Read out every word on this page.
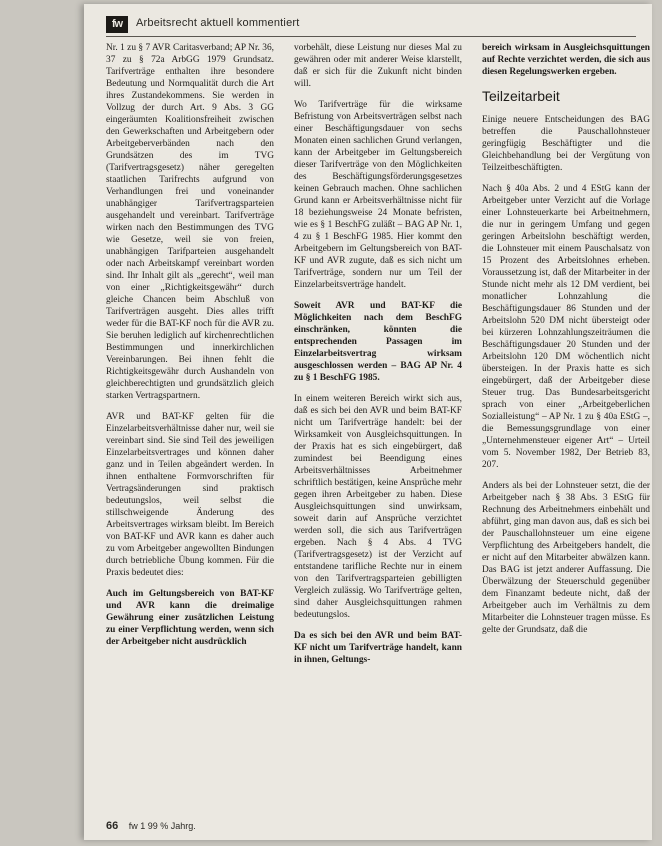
fw	Arbeitsrecht aktuell kommentiert

Nr. 1 zu § 7 AVR Caritasverband; AP Nr. 36, 37 zu § 72a ArbGG 1979 Grundsatz. Tarifverträge enthalten ihre besondere Bedeutung und Normqualität durch die Art ihres Zustandekommens. Sie werden in Vollzug der durch Art. 9 Abs. 3 GG eingeräumten Koalitionsfreiheit zwischen den Gewerkschaften und Arbeitgebern oder Arbeitgeberverbänden nach den Grundsätzen des im TVG (Tarifvertragsgesetz) näher geregelten staatlichen Tarifrechts aufgrund von Verhandlungen frei und voneinander unabhängiger Tarifvertragsparteien ausgehandelt und vereinbart. Tarifverträge wirken nach den Bestimmungen des TVG wie Gesetze, weil sie von freien, unabhängigen Tarifparteien ausgehandelt oder nach Arbeitskampf vereinbart worden sind. Ihr Inhalt gilt als „gerecht“, weil man von einer „Richtigkeitsgewähr“ durch gleiche Chancen beim Abschluß von Tarifverträgen ausgeht. Dies alles trifft weder für die BAT-KF noch für die AVR zu. Sie beruhen lediglich auf kirchenrechtlichen Bestimmungen und innerkirchlichen Vereinbarungen. Bei ihnen fehlt die Richtigkeitsgewähr durch Aushandeln von gleichberechtigten und grundsätzlich gleich starken Vertragspartnern.

AVR und BAT-KF gelten für die Einzelarbeitsverhältnisse daher nur, weil sie vereinbart sind. Sie sind Teil des jeweiligen Einzelarbeitsvertrages und können daher ganz und in Teilen abgeändert werden. In ihnen enthaltene Formvorschriften für Vertragsänderungen sind praktisch bedeutungslos, weil selbst die stillschweigende Änderung des Arbeitsvertrages wirksam bleibt. Im Bereich von BAT-KF und AVR kann es daher auch zu vom Arbeitgeber angewollten Bindungen durch betriebliche Übung kommen. Für die Praxis bedeutet dies:

Auch im Geltungsbereich von BAT-KF und AVR kann die dreimalige Gewährung einer zusätzlichen Leistung zu einer Verpflichtung werden, wenn sich der Arbeitgeber nicht ausdrücklich

vorbehält, diese Leistung nur dieses Mal zu gewähren oder mit anderer Weise klarstellt, daß er sich für die Zukunft nicht binden will.

Wo Tarifverträge für die wirksame Befristung von Arbeitsverträgen selbst nach einer Beschäftigungsdauer von sechs Monaten einen sachlichen Grund verlangen, kann der Arbeitgeber im Geltungsbereich dieser Tarifverträge von den Möglichkeiten des Beschäftigungsförderungsgesetzes keinen Gebrauch machen. Ohne sachlichen Grund kann er Arbeitsverhältnisse nicht für 18 beziehungsweise 24 Monate befristen, wie es § 1 BeschFG zuläßt – BAG AP Nr. 1, 4 zu § 1 BeschFG 1985. Hier kommt den Arbeitgebern im Geltungsbereich von BAT-KF und AVR zugute, daß es sich nicht um Tarifverträge, sondern nur um Teil der Einzelarbeitsverträge handelt.

Soweit AVR und BAT-KF die Möglichkeiten nach dem BeschFG einschränken, könnten die entsprechenden Passagen im Einzelarbeitsvertrag wirksam ausgeschlossen werden – BAG AP Nr. 4 zu § 1 BeschFG 1985.

In einem weiteren Bereich wirkt sich aus, daß es sich bei den AVR und beim BAT-KF nicht um Tarifverträge handelt: bei der Wirksamkeit von Ausgleichsquittungen. In der Praxis hat es sich eingebürgert, daß zumindest bei Beendigung eines Arbeitsverhältnisses Arbeitnehmer schriftlich bestätigen, keine Ansprüche mehr gegen ihren Arbeitgeber zu haben. Diese Ausgleichsquittungen sind unwirksam, soweit darin auf Ansprüche verzichtet werden soll, die sich aus Tarifverträgen ergeben. Nach § 4 Abs. 4 TVG (Tarifvertragsgesetz) ist der Verzicht auf entstandene tarifliche Rechte nur in einem von den Tarifvertragsparteien gebilligten Vergleich zulässig. Wo Tarifverträge gelten, sind daher Ausgleichsquittungen rahmen bedeutungslos.

Da es sich bei den AVR und beim BAT-KF nicht um Tarifverträge handelt, kann in ihnen, Geltungs-

bereich wirksam in Ausgleichsquittungen auf Rechte verzichtet werden, die sich aus diesen Regelungswerken ergeben.

Teilzeitarbeit

Einige neuere Entscheidungen des BAG betreffen die Pauschallohnsteuer geringfügig Beschäftigter und die Gleichbehandlung bei der Vergütung von Teilzeitbeschäftigten.

Nach § 40a Abs. 2 und 4 EStG kann der Arbeitgeber unter Verzicht auf die Vorlage einer Lohnsteuerkarte bei Arbeitnehmern, die nur in geringem Umfang und gegen geringen Arbeitslohn beschäftigt werden, die Lohnsteuer mit einem Pauschalsatz von 15 Prozent des Arbeitslohnes erheben. Voraussetzung ist, daß der Mitarbeiter in der Stunde nicht mehr als 12 DM verdient, bei monatlicher Lohnzahlung die Beschäftigungsdauer 86 Stunden und der Arbeitslohn 520 DM nicht übersteigt oder bei kürzeren Lohnzahlungszeiträumen die Beschäftigungsdauer 20 Stunden und der Arbeitslohn 120 DM wöchentlich nicht übersteigen. In der Praxis hatte es sich eingebürgert, daß der Arbeitgeber diese Steuer trug. Das Bundesarbeitsgericht sprach von einer „Arbeitgeberlichen Sozialleistung“ – AP Nr. 1 zu § 40a EStG –, die Bemessungsgrundlage von einer „Unternehmensteuer eigener Art“ – Urteil vom 5. November 1982, Der Betrieb 83, 207.

Anders als bei der Lohnsteuer setzt, die der Arbeitgeber nach § 38 Abs. 3 EStG für Rechnung des Arbeitnehmers einbehält und abführt, ging man davon aus, daß es sich bei der Pauschallohnsteuer um eine eigene Verpflichtung des Arbeitgebers handelt, die er nicht auf den Mitarbeiter abwälzen kann. Das BAG ist jetzt anderer Auffassung. Die Überwälzung der Steuerschuld gegenüber dem Finanzamt bedeute nicht, daß der Arbeitgeber auch im Verhältnis zu dem Mitarbeiter die Lohnsteuer tragen müsse. Es gelte der Grundsatz, daß die

66 fw 1 99 % Jahrg.
